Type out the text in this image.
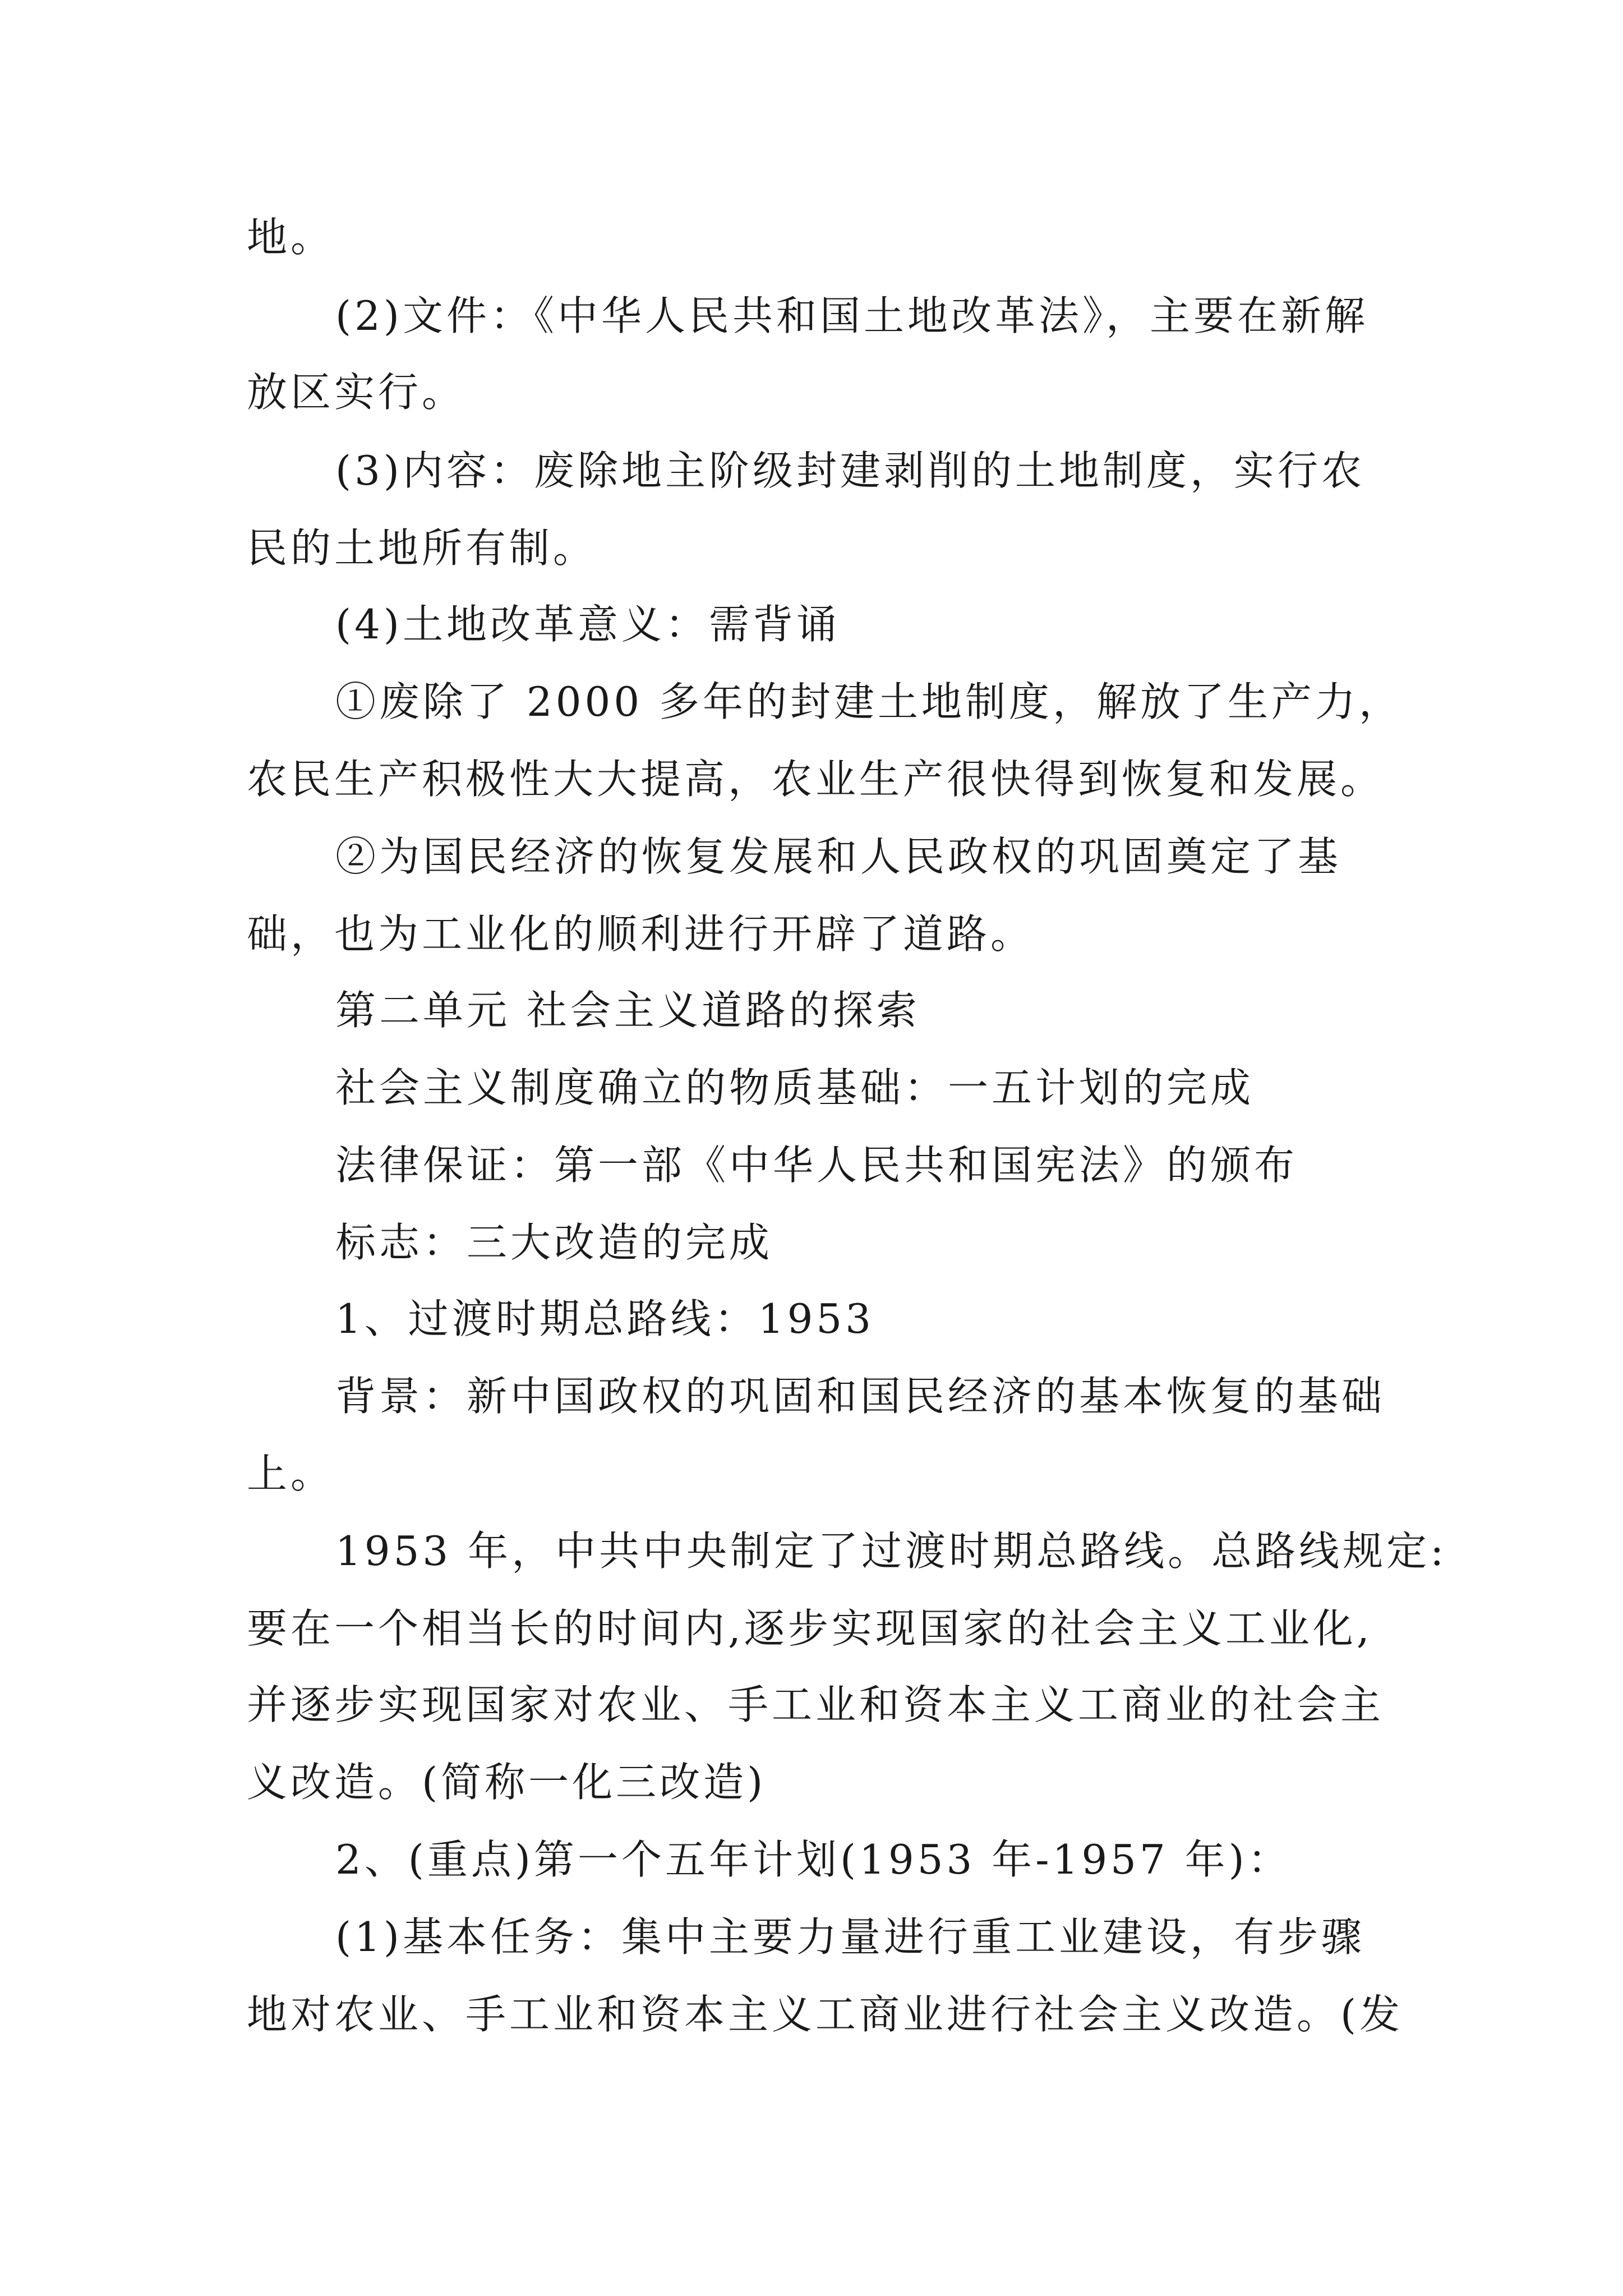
地。
(2)文件：《中华人民共和国土地改革法》，主要在新解
放区实行。
(3)内容：废除地主阶级封建剥削的土地制度，实行农
民的土地所有制。
(4)土地改革意义：需背诵
①废除了 2000 多年的封建土地制度，解放了生产力，
农民生产积极性大大提高，农业生产很快得到恢复和发展。
②为国民经济的恢复发展和人民政权的巩固奠定了基
础，也为工业化的顺利进行开辟了道路。
第二单元 社会主义道路的探索
社会主义制度确立的物质基础：一五计划的完成
法律保证：第一部《中华人民共和国宪法》的颁布
标志：三大改造的完成
1、过渡时期总路线：1953
背景：新中国政权的巩固和国民经济的基本恢复的基础
上。
1953 年，中共中央制定了过渡时期总路线。总路线规定:
要在一个相当长的时间内,逐步实现国家的社会主义工业化,
并逐步实现国家对农业、手工业和资本主义工商业的社会主
义改造。(简称一化三改造)
2、(重点)第一个五年计划(1953 年-1957 年)：
(1)基本任务：集中主要力量进行重工业建设，有步骤
地对农业、手工业和资本主义工商业进行社会主义改造。(发
